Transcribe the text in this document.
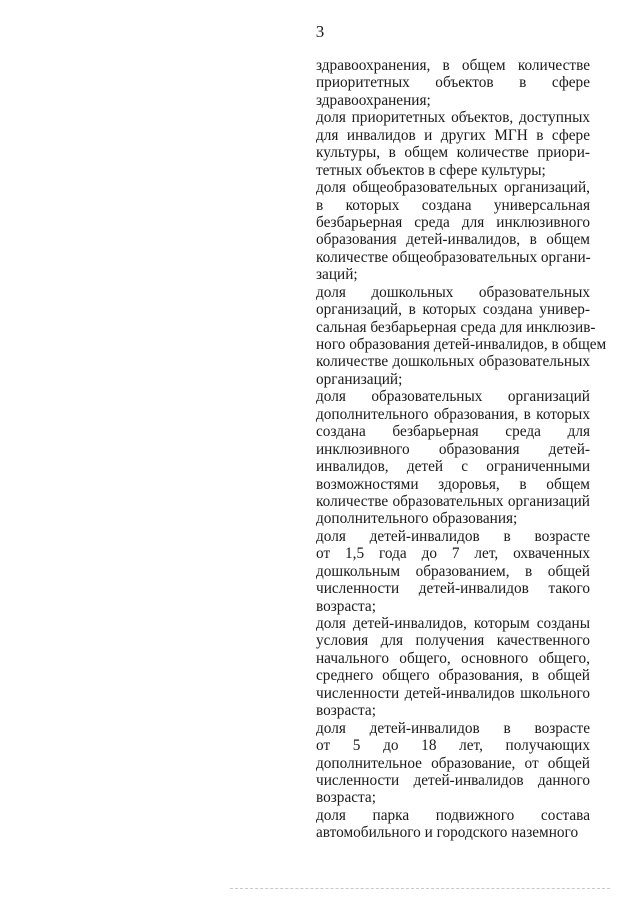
3
здравоохранения, в общем количестве
приоритетных объектов в сфере
здравоохранения;
доля приоритетных объектов, доступных
для инвалидов и других МГН в сфере
культуры, в общем количестве приори-
тетных объектов в сфере культуры;
доля общеобразовательных организаций,
в которых создана универсальная
безбарьерная среда для инклюзивного
образования детей-инвалидов, в общем
количестве общеобразовательных органи-
заций;
доля дошкольных образовательных
организаций, в которых создана универ-
сальная безбарьерная среда для инклюзив-
ного образования детей-инвалидов, в общем
количестве дошкольных образовательных
организаций;
доля образовательных организаций
дополнительного образования, в которых
создана безбарьерная среда для
инклюзивного образования детей-
инвалидов, детей с ограниченными
возможностями здоровья, в общем
количестве образовательных организаций
дополнительного образования;
доля детей-инвалидов в возрасте
от 1,5 года до 7 лет, охваченных
дошкольным образованием, в общей
численности детей-инвалидов такого
возраста;
доля детей-инвалидов, которым созданы
условия для получения качественного
начального общего, основного общего,
среднего общего образования, в общей
численности детей-инвалидов школьного
возраста;
доля детей-инвалидов в возрасте
от 5 до 18 лет, получающих
дополнительное образование, от общей
численности детей-инвалидов данного
возраста;
доля парка подвижного состава
автомобильного и городского наземного
